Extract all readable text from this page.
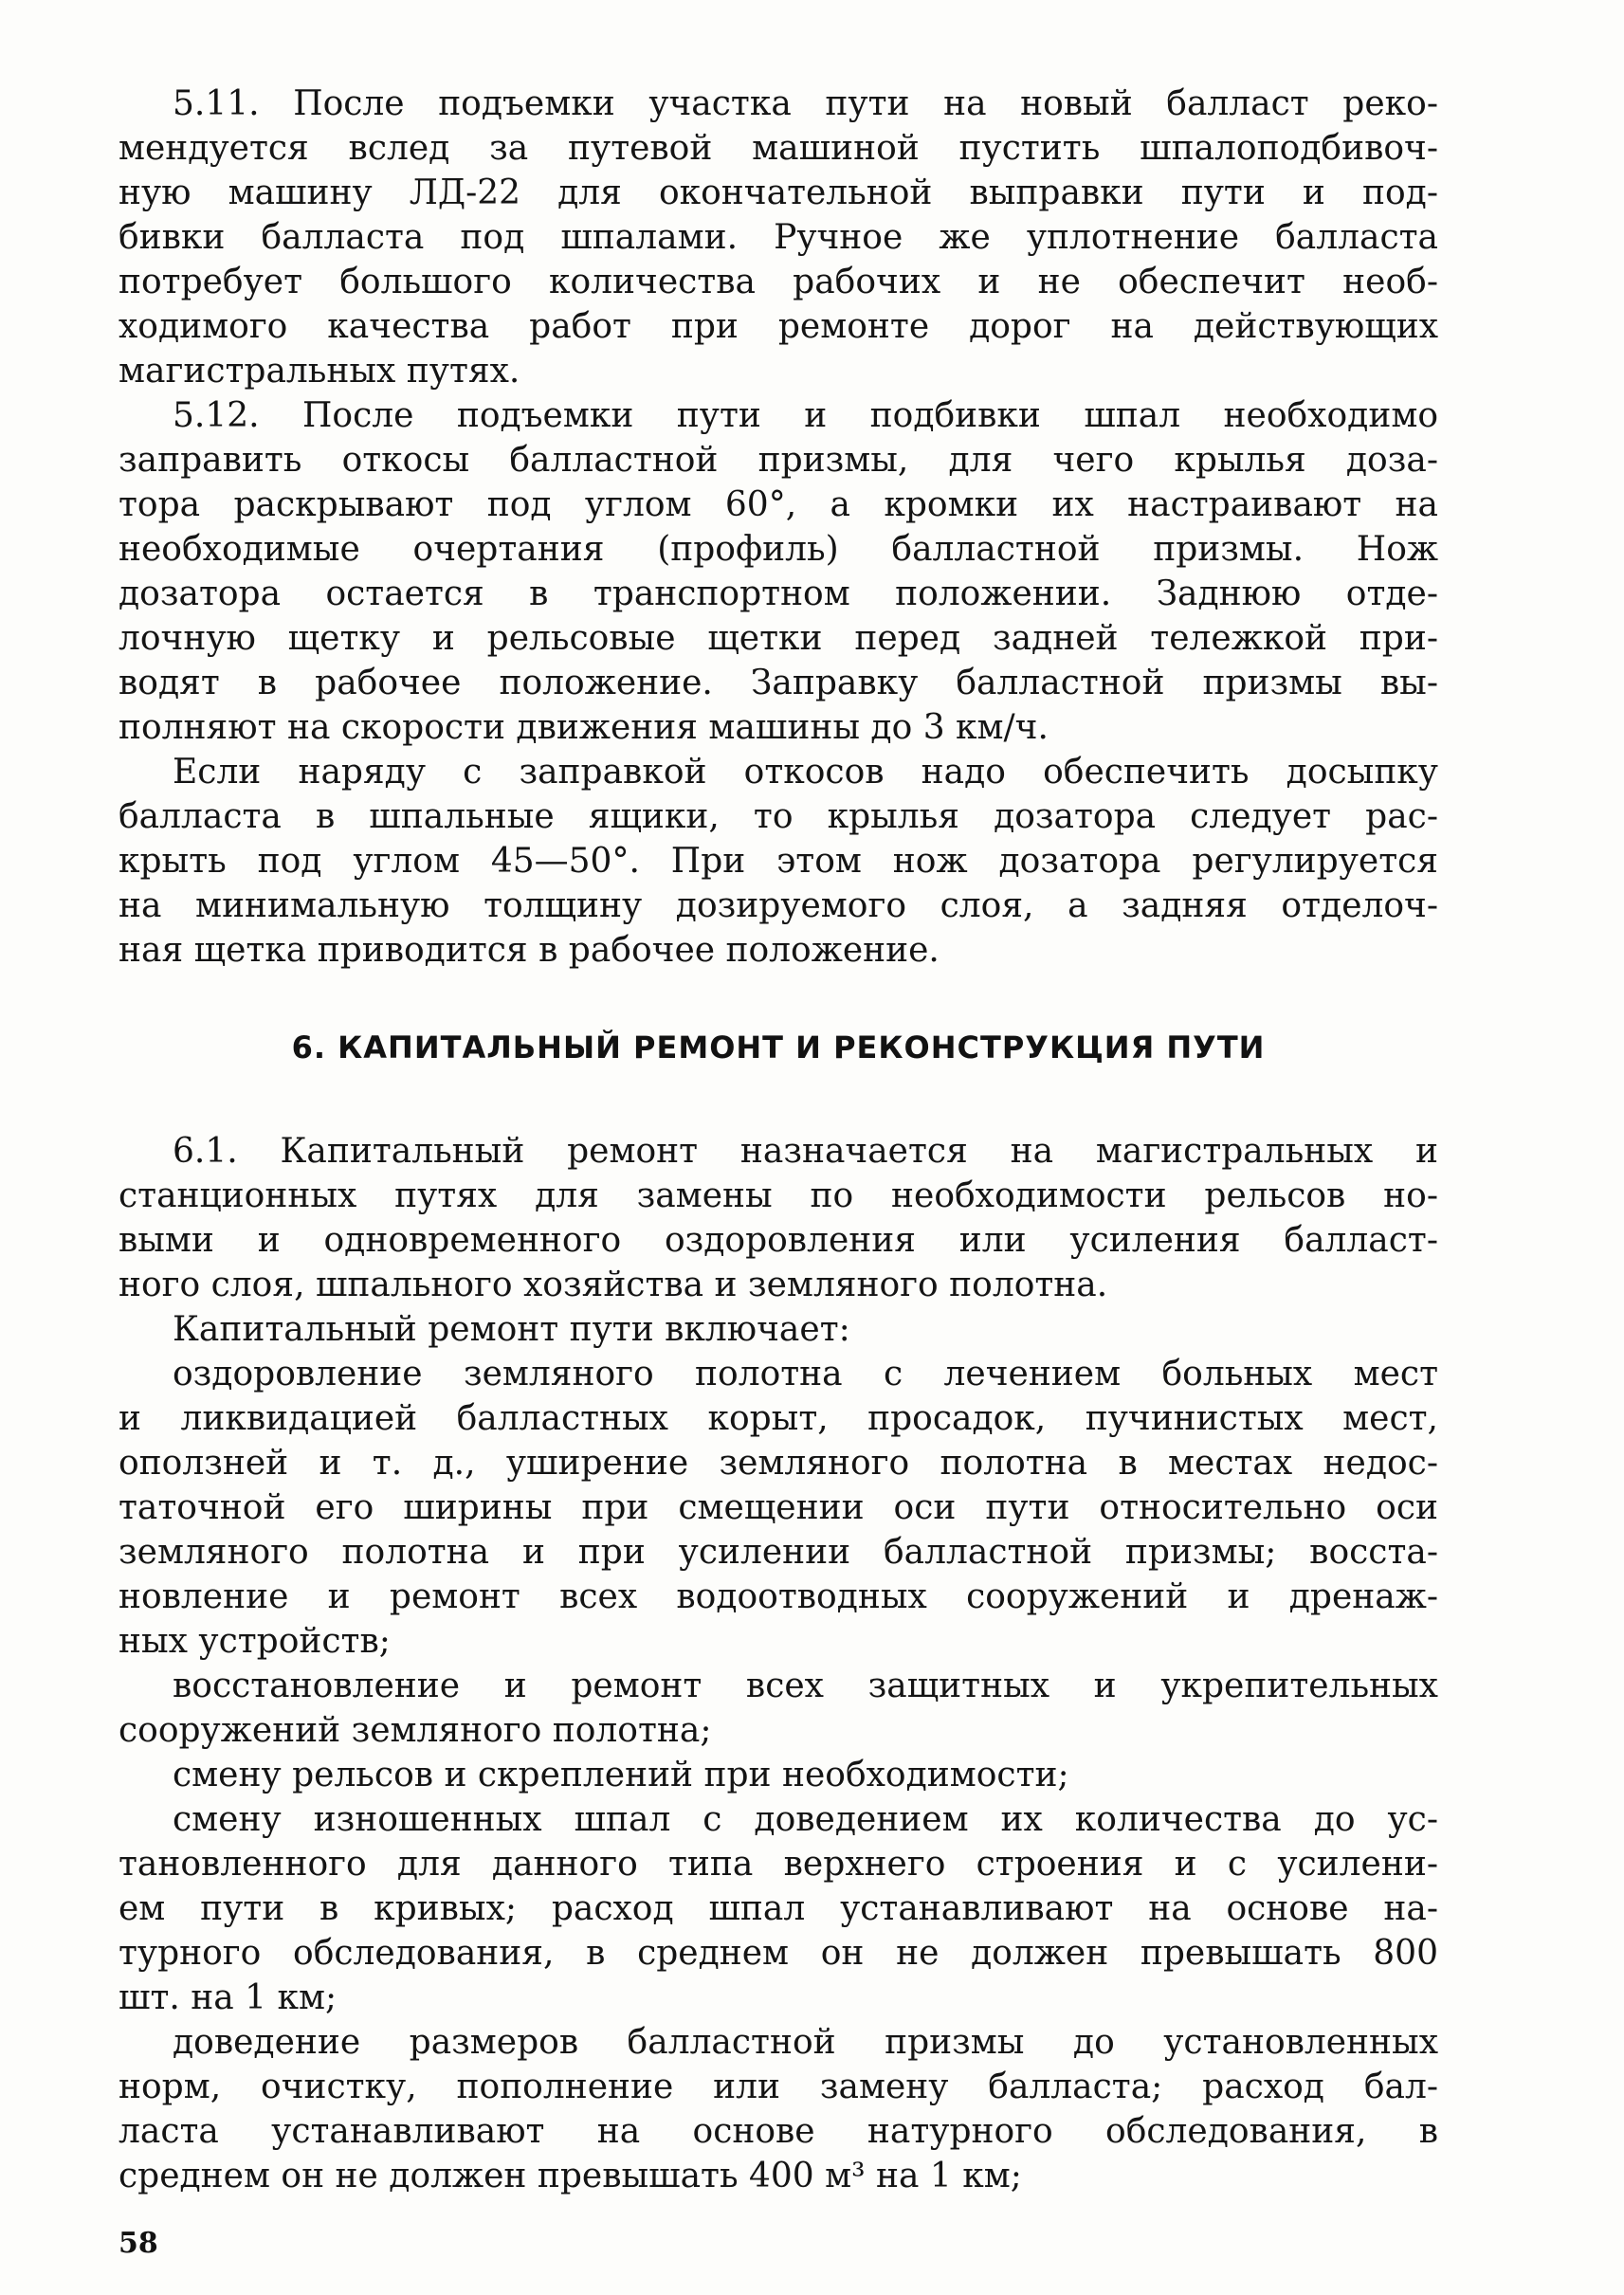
5.11. После подъемки участка пути на новый балласт реко-
мендуется вслед за путевой машиной пустить шпалоподбивоч-
ную машину ЛД-22 для окончательной выправки пути и под-
бивки балласта под шпалами. Ручное же уплотнение балласта
потребует большого количества рабочих и не обеспечит необ-
ходимого качества работ при ремонте дорог на действующих
магистральных путях.
5.12. После подъемки пути и подбивки шпал необходимо
заправить откосы балластной призмы, для чего крылья доза-
тора раскрывают под углом 60°, а кромки их настраивают на
необходимые очертания (профиль) балластной призмы. Нож
дозатора остается в транспортном положении. Заднюю отде-
лочную щетку и рельсовые щетки перед задней тележкой при-
водят в рабочее положение. Заправку балластной призмы вы-
полняют на скорости движения машины до 3 км/ч.
Если наряду с заправкой откосов надо обеспечить досыпку
балласта в шпальные ящики, то крылья дозатора следует рас-
крыть под углом 45—50°. При этом нож дозатора регулируется
на минимальную толщину дозируемого слоя, а задняя отделоч-
ная щетка приводится в рабочее положение.
6. КАПИТАЛЬНЫЙ РЕМОНТ И РЕКОНСТРУКЦИЯ ПУТИ
6.1. Капитальный ремонт назначается на магистральных и
станционных путях для замены по необходимости рельсов но-
выми и одновременного оздоровления или усиления балласт-
ного слоя, шпального хозяйства и земляного полотна.
Капитальный ремонт пути включает:
оздоровление земляного полотна с лечением больных мест
и ликвидацией балластных корыт, просадок, пучинистых мест,
оползней и т. д., уширение земляного полотна в местах недос-
таточной его ширины при смещении оси пути относительно оси
земляного полотна и при усилении балластной призмы; восста-
новление и ремонт всех водоотводных сооружений и дренаж-
ных устройств;
восстановление и ремонт всех защитных и укрепительных
сооружений земляного полотна;
смену рельсов и скреплений при необходимости;
смену изношенных шпал с доведением их количества до ус-
тановленного для данного типа верхнего строения и с усилени-
ем пути в кривых; расход шпал устанавливают на основе на-
турного обследования, в среднем он не должен превышать 800
шт. на 1 км;
доведение размеров балластной призмы до установленных
норм, очистку, пополнение или замену балласта; расход бал-
ласта устанавливают на основе натурного обследования, в
среднем он не должен превышать 400 м³ на 1 км;
58
